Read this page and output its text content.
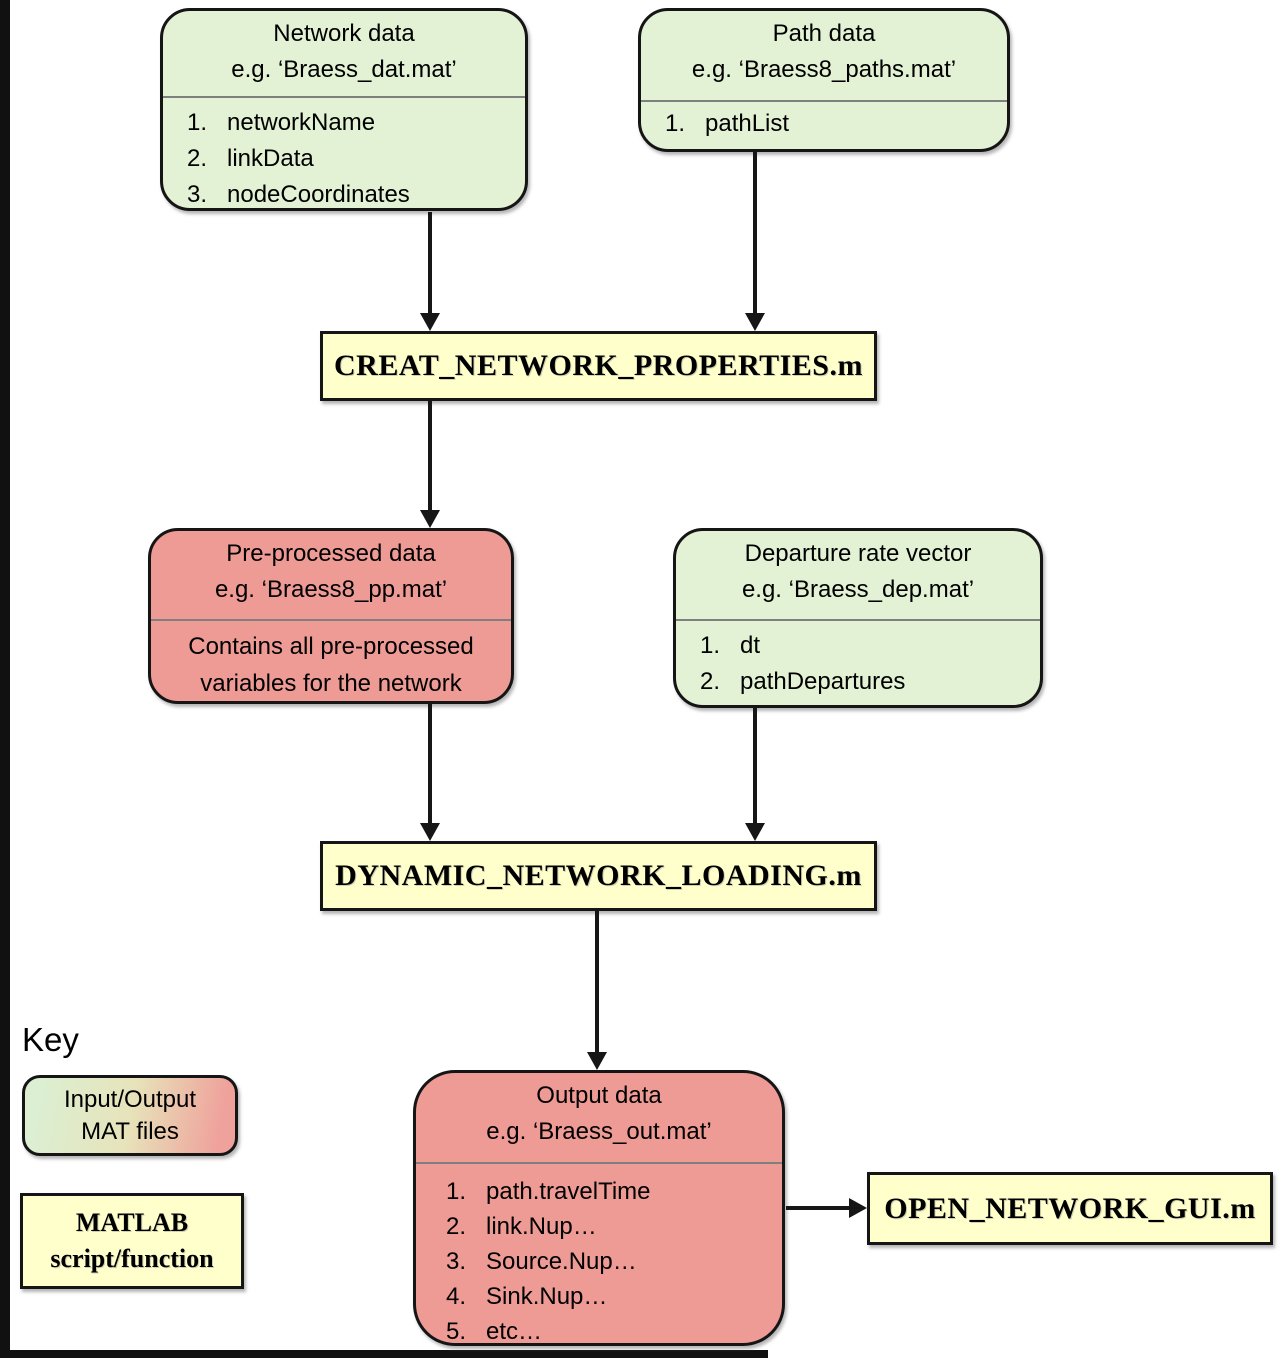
Network data
e.g. ‘Braess_dat.mat’
1. networkName
2. linkData
3. nodeCoordinates
Path data
e.g. ‘Braess8_paths.mat’
1. pathList
CREAT_NETWORK_PROPERTIES.m
Pre-processed data
e.g. ‘Braess8_pp.mat’
Contains all pre-processed
variables for the network
Departure rate vector
e.g. ‘Braess_dep.mat’
1. dt
2. pathDepartures
DYNAMIC_NETWORK_LOADING.m
Output data
e.g. ‘Braess_out.mat’
1. path.travelTime
2. link.Nup…
3. Source.Nup…
4. Sink.Nup…
5. etc…
OPEN_NETWORK_GUI.m
Key
Input/Output
MAT files
MATLAB
script/function
